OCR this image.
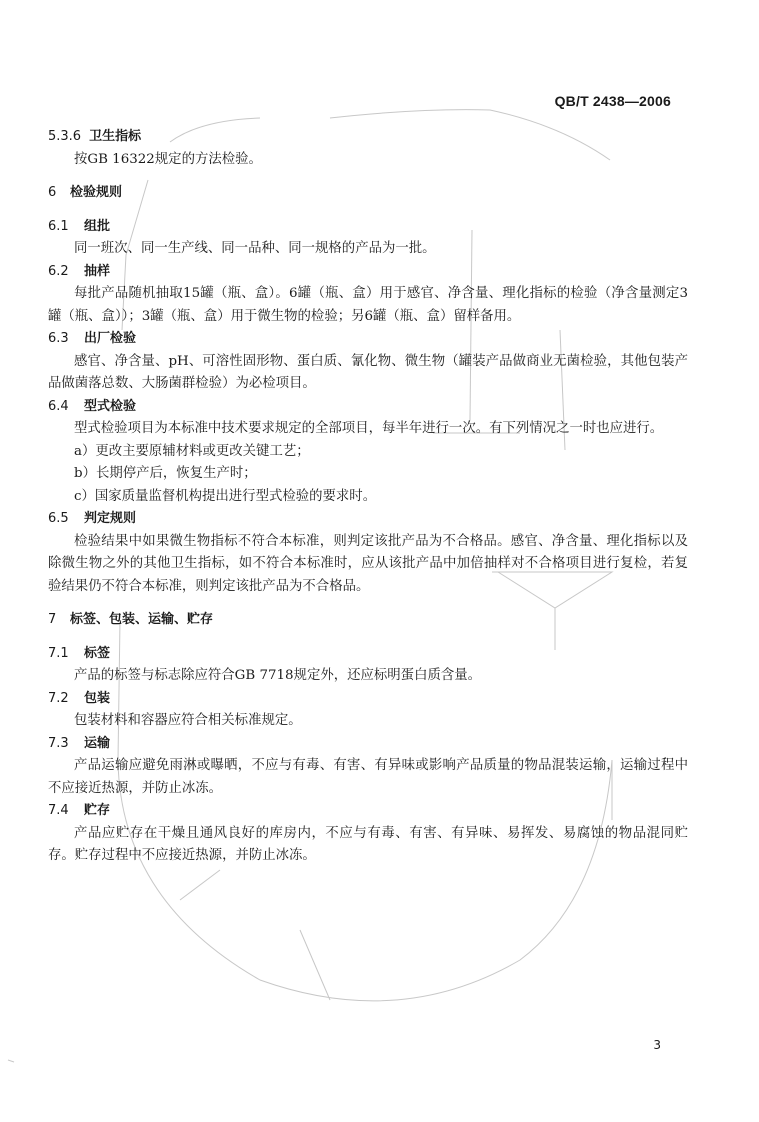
QB/T 2438—2006
5.3.6 卫生指标
按GB 16322规定的方法检验。
6 检验规则
6.1 组批
同一班次、同一生产线、同一品种、同一规格的产品为一批。
6.2 抽样
每批产品随机抽取15罐（瓶、盒）。6罐（瓶、盒）用于感官、净含量、理化指标的检验（净含量测定3罐（瓶、盒））；3罐（瓶、盒）用于微生物的检验；另6罐（瓶、盒）留样备用。
6.3 出厂检验
感官、净含量、pH、可溶性固形物、蛋白质、氰化物、微生物（罐装产品做商业无菌检验，其他包装产品做菌落总数、大肠菌群检验）为必检项目。
6.4 型式检验
型式检验项目为本标准中技术要求规定的全部项目，每半年进行一次。有下列情况之一时也应进行。
a）更改主要原辅材料或更改关键工艺；
b）长期停产后，恢复生产时；
c）国家质量监督机构提出进行型式检验的要求时。
6.5 判定规则
检验结果中如果微生物指标不符合本标准，则判定该批产品为不合格品。感官、净含量、理化指标以及除微生物之外的其他卫生指标，如不符合本标准时，应从该批产品中加倍抽样对不合格项目进行复检，若复验结果仍不符合本标准，则判定该批产品为不合格品。
7 标签、包装、运输、贮存
7.1 标签
产品的标签与标志除应符合GB 7718规定外，还应标明蛋白质含量。
7.2 包装
包装材料和容器应符合相关标准规定。
7.3 运输
产品运输应避免雨淋或曝晒，不应与有毒、有害、有异味或影响产品质量的物品混装运输，运输过程中不应接近热源，并防止冰冻。
7.4 贮存
产品应贮存在干燥且通风良好的库房内，不应与有毒、有害、有异味、易挥发、易腐蚀的物品混同贮存。贮存过程中不应接近热源，并防止冰冻。
3
